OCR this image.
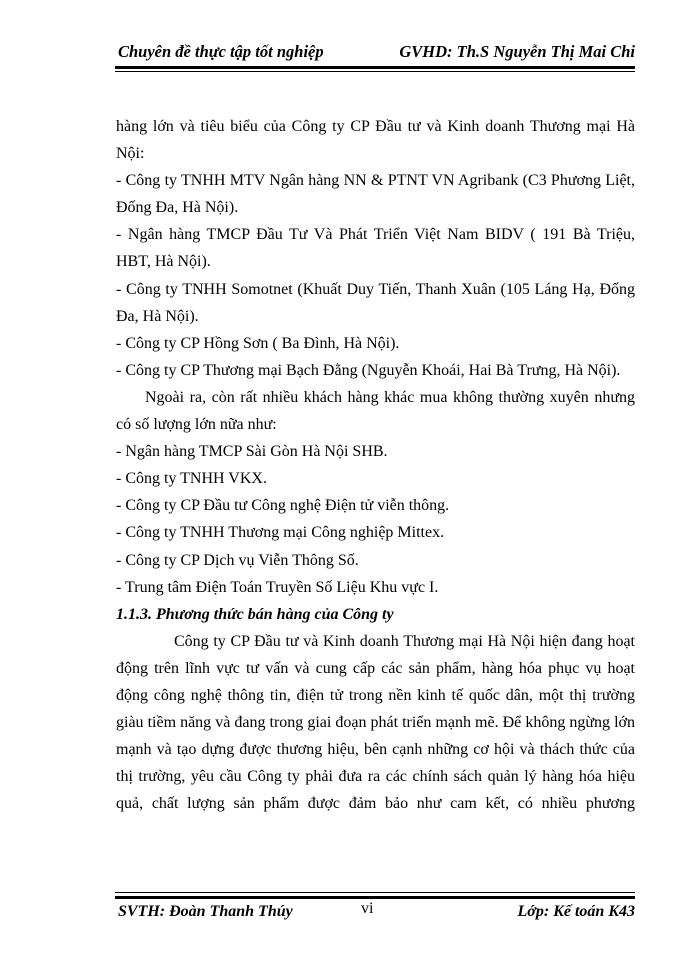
Chuyên đề thực tập tốt nghiệp	GVHD: Th.S Nguyễn Thị Mai Chi

hàng lớn và tiêu biểu của Công ty CP Đầu tư và Kinh doanh Thương mại Hà Nội:

- Công ty TNHH MTV Ngân hàng NN & PTNT VN Agribank (C3 Phương Liệt, Đống Đa, Hà Nội).

- Ngân hàng TMCP Đầu Tư Và Phát Triển Việt Nam BIDV ( 191 Bà Triệu, HBT, Hà Nội).

- Công ty TNHH Somotnet (Khuất Duy Tiến, Thanh Xuân (105 Láng Hạ, Đống Đa, Hà Nội).

- Công ty CP Hồng Sơn ( Ba Đình, Hà Nội).

- Công ty CP Thương mại Bạch Đằng (Nguyễn Khoái, Hai Bà Trưng, Hà Nội).

Ngoài ra, còn rất nhiều khách hàng khác mua không thường xuyên nhưng có số lượng lớn nữa như:

- Ngân hàng TMCP Sài Gòn Hà Nội SHB.

- Công ty TNHH VKX.

- Công ty CP Đầu tư Công nghệ Điện tử viễn thông.

- Công ty TNHH Thương mại Công nghiệp Mittex.

- Công ty CP Dịch vụ Viễn Thông Số.

- Trung tâm Điện Toán Truyền Số Liệu Khu vực I.

1.1.3. Phương thức bán hàng của Công ty

Công ty CP Đầu tư và Kinh doanh Thương mại Hà Nội hiện đang hoạt động trên lĩnh vực tư vấn và cung cấp các sản phẩm, hàng hóa phục vụ hoạt động công nghệ thông tin, điện tử trong nền kinh tế quốc dân, một thị trường giàu tiềm năng và đang trong giai đoạn phát triển mạnh mẽ. Để không ngừng lớn mạnh và tạo dựng được thương hiệu, bên cạnh những cơ hội và thách thức của thị trường, yêu cầu Công ty phải đưa ra các chính sách quản lý hàng hóa hiệu quả, chất lượng sản phẩm được đảm bảo như cam kết, có nhiều phương

SVTH: Đoàn Thanh Thúy	vi	Lớp: Kế toán K43
